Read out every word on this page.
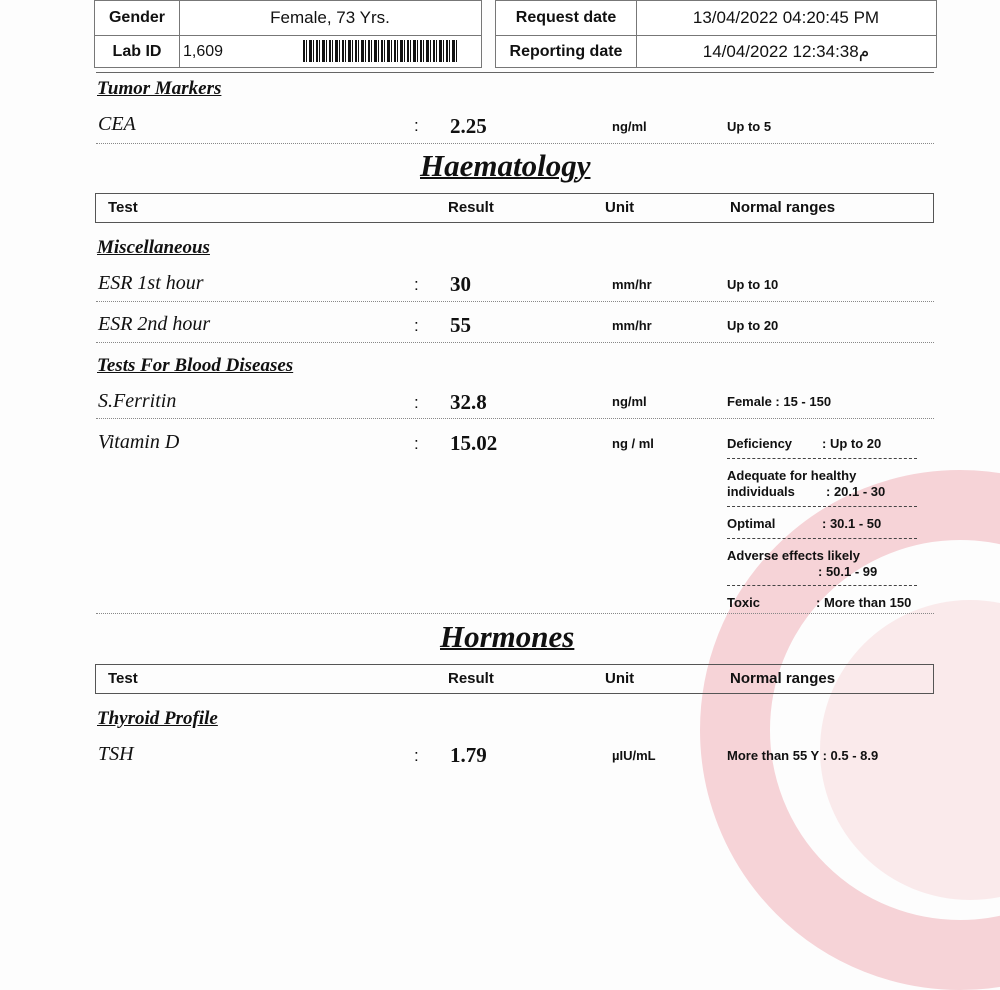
Gender	Female, 73 Yrs.
Lab ID	1,609
Request date	13/04/2022 04:20:45 PM
Reporting date	14/04/2022 م12:34:38
Tumor Markers
CEA	: 2.25	ng/ml	Up to 5
Haematology
Test	Result	Unit	Normal ranges
Miscellaneous
ESR 1st hour	: 30	mm/hr	Up to 10
ESR 2nd hour	: 55	mm/hr	Up to 20
Tests For Blood Diseases
S.Ferritin	: 32.8	ng/ml	Female : 15 - 150
Vitamin D	: 15.02	ng / ml	Deficiency : Up to 20
Adequate for healthy
individuals : 20.1 - 30
Optimal	: 30.1 - 50
Adverse effects likely
: 50.1 - 99
Toxic	: More than 150
Hormones
Test	Result	Unit	Normal ranges
Thyroid Profile
TSH	: 1.79	µIU/mL	More than 55 Y : 0.5 - 8.9
